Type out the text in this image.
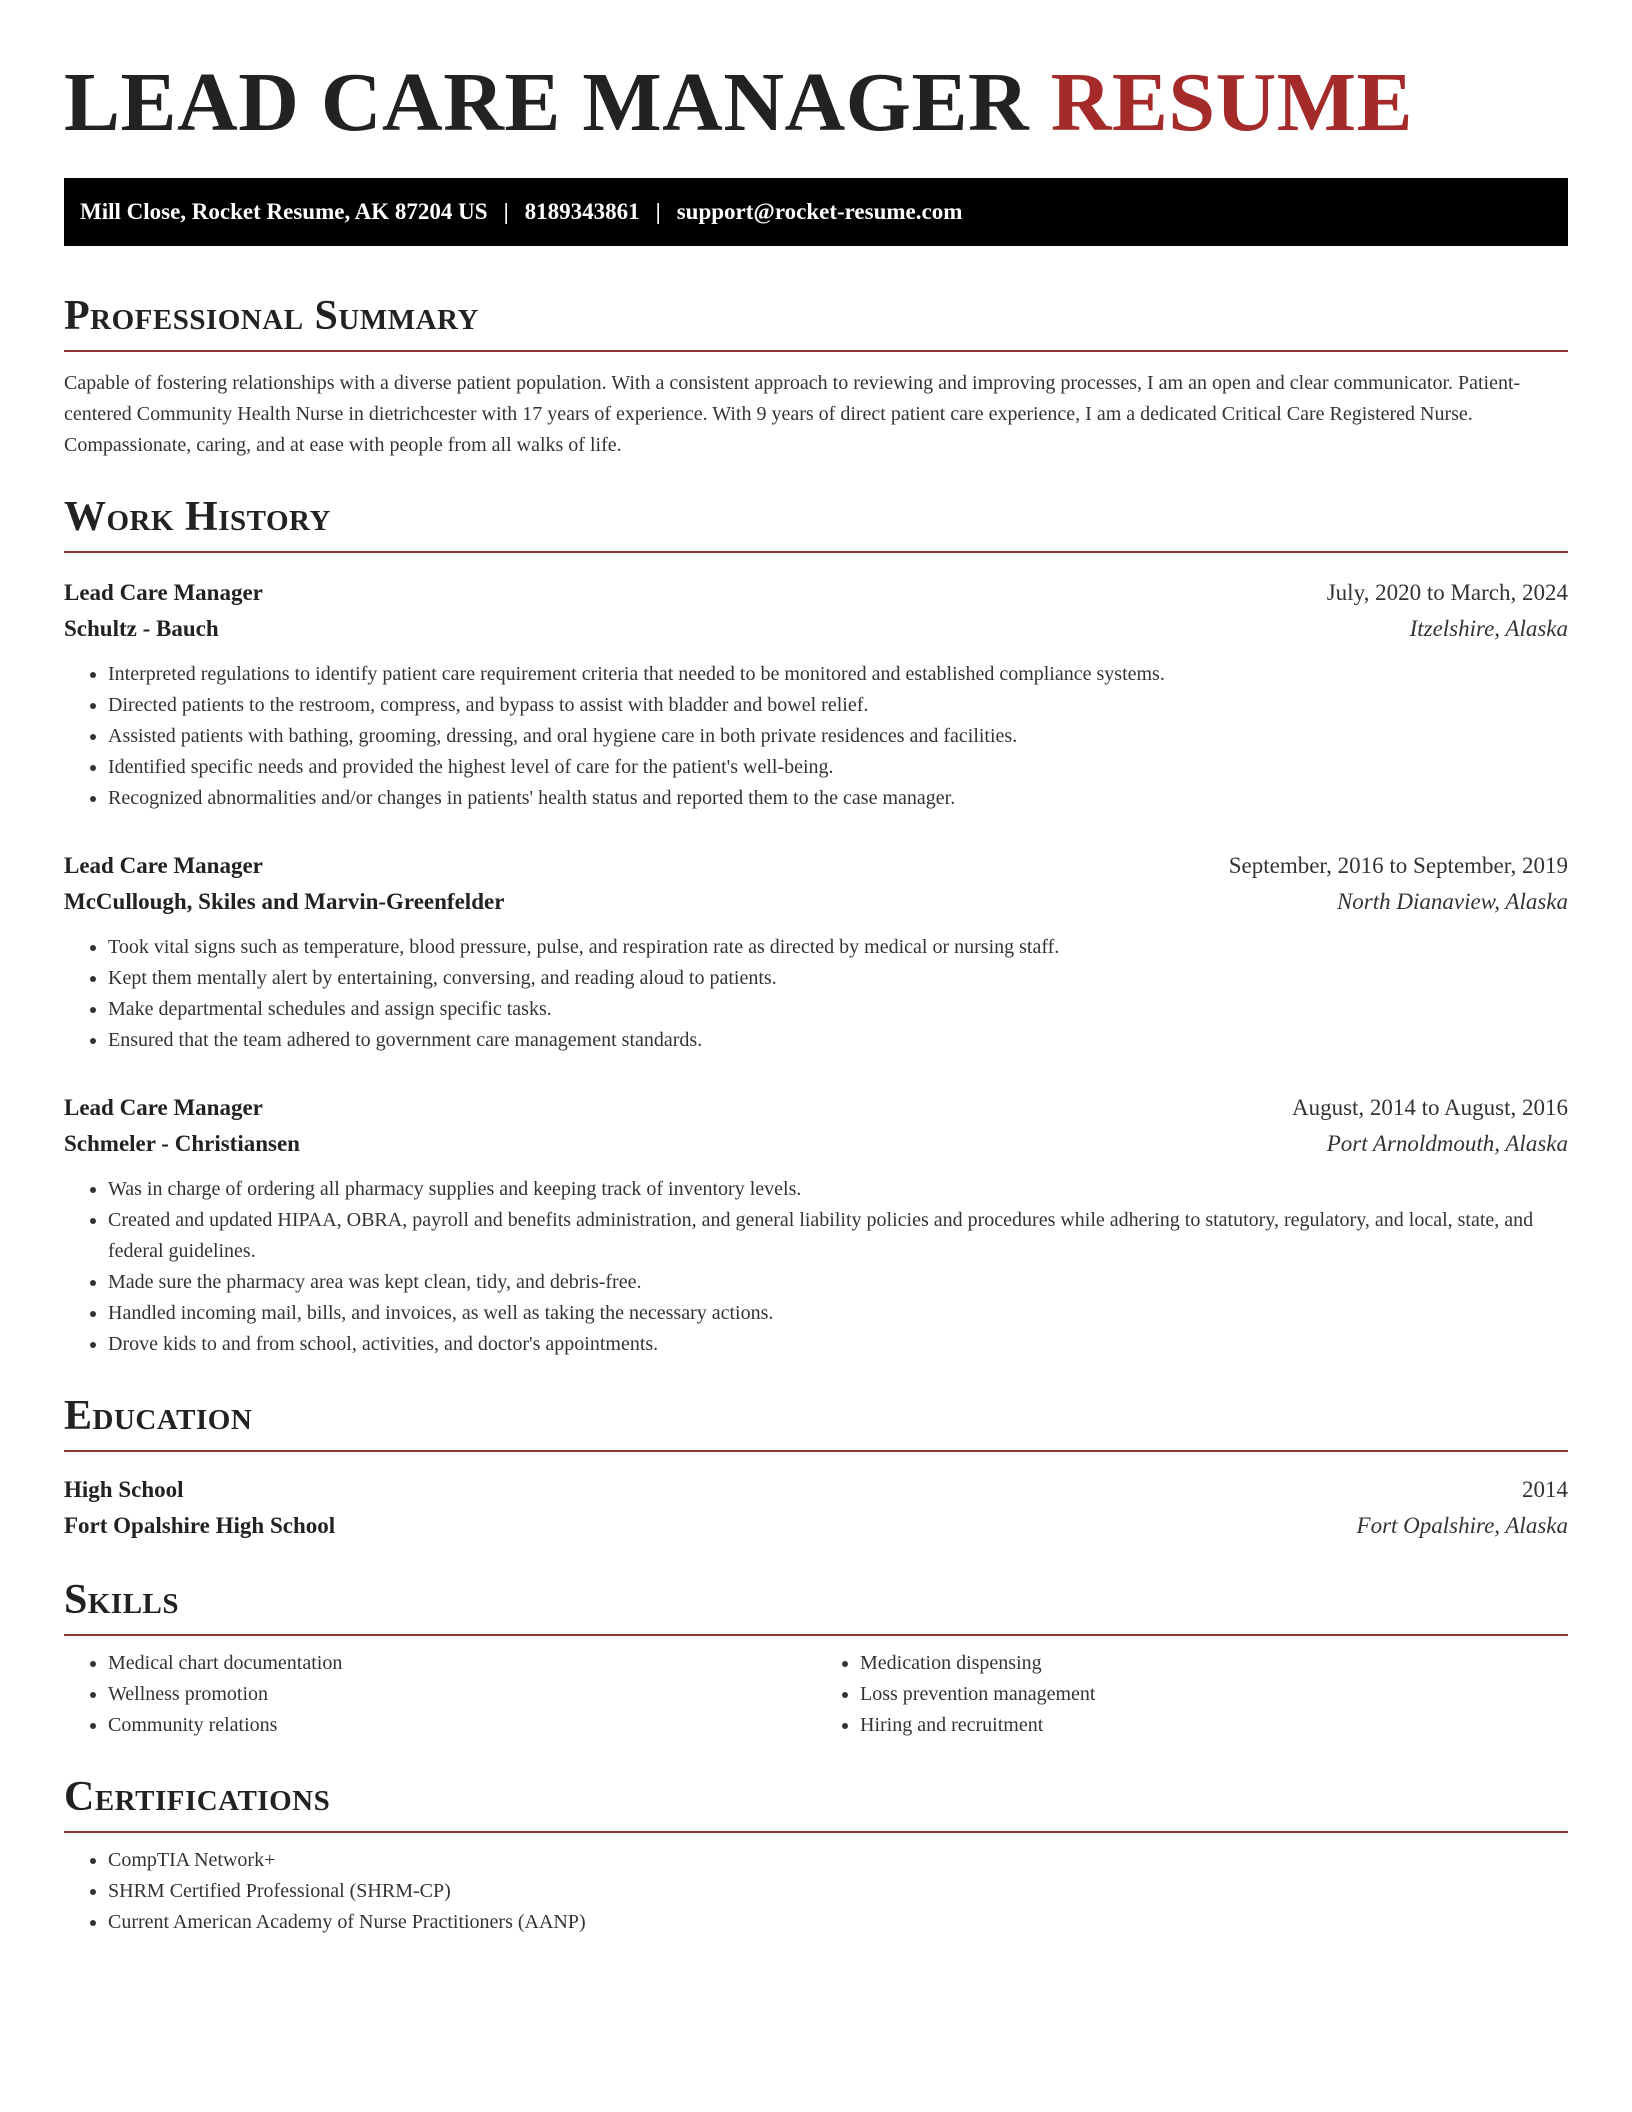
LEAD CARE MANAGER RESUME
Mill Close, Rocket Resume, AK 87204 US | 8189343861 | support@rocket-resume.com
Professional Summary

Capable of fostering relationships with a diverse patient population. With a consistent approach to reviewing and improving processes, I am an open and clear communicator. Patient-centered Community Health Nurse in dietrichcester with 17 years of experience. With 9 years of direct patient care experience, I am a dedicated Critical Care Registered Nurse. Compassionate, caring, and at ease with people from all walks of life.

Work History
Lead Care Manager	July, 2020 to March, 2024
Schultz - Bauch	Itzelshire, Alaska
• Interpreted regulations to identify patient care requirement criteria that needed to be monitored and established compliance systems.
• Directed patients to the restroom, compress, and bypass to assist with bladder and bowel relief.
• Assisted patients with bathing, grooming, dressing, and oral hygiene care in both private residences and facilities.
• Identified specific needs and provided the highest level of care for the patient's well-being.
• Recognized abnormalities and/or changes in patients' health status and reported them to the case manager.
Lead Care Manager	September, 2016 to September, 2019
McCullough, Skiles and Marvin-Greenfelder	North Dianaview, Alaska
• Took vital signs such as temperature, blood pressure, pulse, and respiration rate as directed by medical or nursing staff.
• Kept them mentally alert by entertaining, conversing, and reading aloud to patients.
• Make departmental schedules and assign specific tasks.
• Ensured that the team adhered to government care management standards.
Lead Care Manager	August, 2014 to August, 2016
Schmeler - Christiansen	Port Arnoldmouth, Alaska
• Was in charge of ordering all pharmacy supplies and keeping track of inventory levels.
• Created and updated HIPAA, OBRA, payroll and benefits administration, and general liability policies and procedures while adhering to statutory, regulatory, and local, state, and federal guidelines.
• Made sure the pharmacy area was kept clean, tidy, and debris-free.
• Handled incoming mail, bills, and invoices, as well as taking the necessary actions.
• Drove kids to and from school, activities, and doctor's appointments.
Education
High School	2014
Fort Opalshire High School	Fort Opalshire, Alaska
Skills
• Medical chart documentation
• Wellness promotion
• Community relations
• Medication dispensing
• Loss prevention management
• Hiring and recruitment
Certifications
• CompTIA Network+
• SHRM Certified Professional (SHRM-CP)
• Current American Academy of Nurse Practitioners (AANP)
